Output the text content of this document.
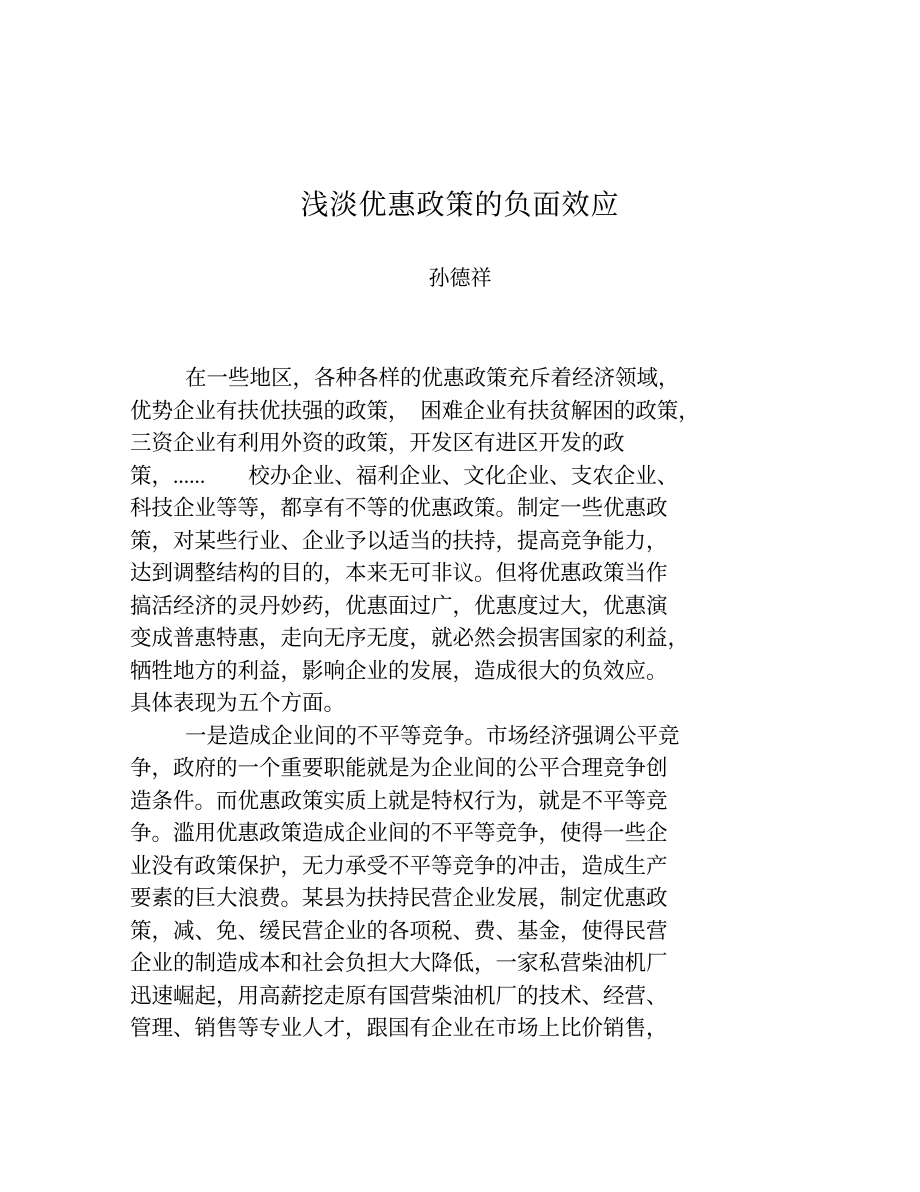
浅淡优惠政策的负面效应
孙德祥
在一些地区，各种各样的优惠政策充斥着经济领域，
优势企业有扶优扶强的政策，　困难企业有扶贫解困的政策，
三资企业有利用外资的政策，开发区有进区开发的政
策，......　　校办企业、福利企业、文化企业、支农企业、
科技企业等等，都享有不等的优惠政策。制定一些优惠政
策，对某些行业、企业予以适当的扶持，提高竞争能力，
达到调整结构的目的，本来无可非议。但将优惠政策当作
搞活经济的灵丹妙药，优惠面过广，优惠度过大，优惠演
变成普惠特惠，走向无序无度，就必然会损害国家的利益，
牺牲地方的利益，影响企业的发展，造成很大的负效应。
具体表现为五个方面。
一是造成企业间的不平等竞争。市场经济强调公平竞
争，政府的一个重要职能就是为企业间的公平合理竞争创
造条件。而优惠政策实质上就是特权行为，就是不平等竞
争。滥用优惠政策造成企业间的不平等竞争，使得一些企
业没有政策保护，无力承受不平等竞争的冲击，造成生产
要素的巨大浪费。某县为扶持民营企业发展，制定优惠政
策，减、免、缓民营企业的各项税、费、基金，使得民营
企业的制造成本和社会负担大大降低，一家私营柴油机厂
迅速崛起，用高薪挖走原有国营柴油机厂的技术、经营、
管理、销售等专业人才，跟国有企业在市场上比价销售，
